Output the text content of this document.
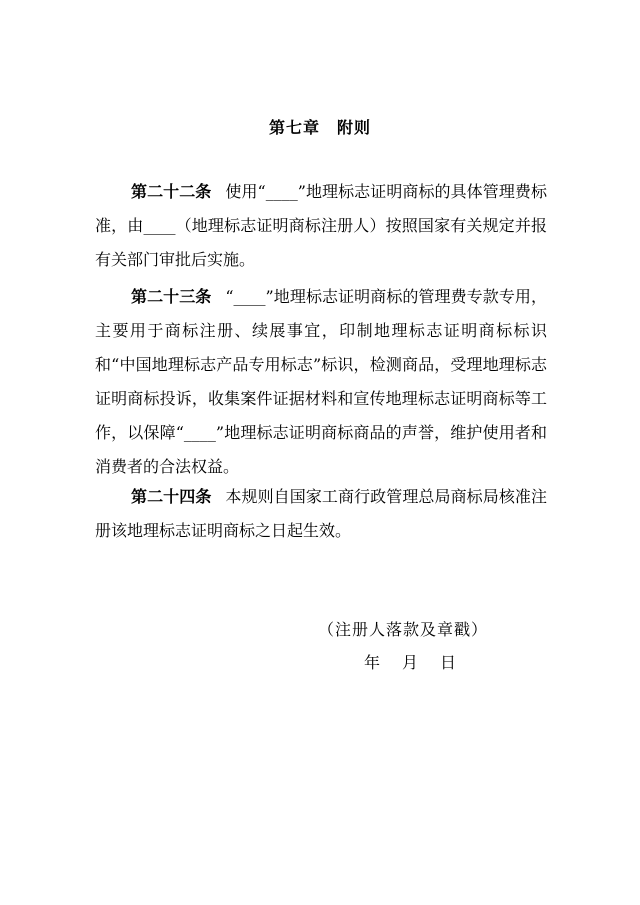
第七章　附则

第二十二条 使用“____”地理标志证明商标的具体管理费标准，由____（地理标志证明商标注册人）按照国家有关规定并报有关部门审批后实施。

第二十三条 “____”地理标志证明商标的管理费专款专用，主要用于商标注册、续展事宜，印制地理标志证明商标标识和“中国地理标志产品专用标志”标识，检测商品，受理地理标志证明商标投诉，收集案件证据材料和宣传地理标志证明商标等工作，以保障“____”地理标志证明商标商品的声誉，维护使用者和消费者的合法权益。

第二十四条 本规则自国家工商行政管理总局商标局核准注册该地理标志证明商标之日起生效。

（注册人落款及章戳）
年 月 日
